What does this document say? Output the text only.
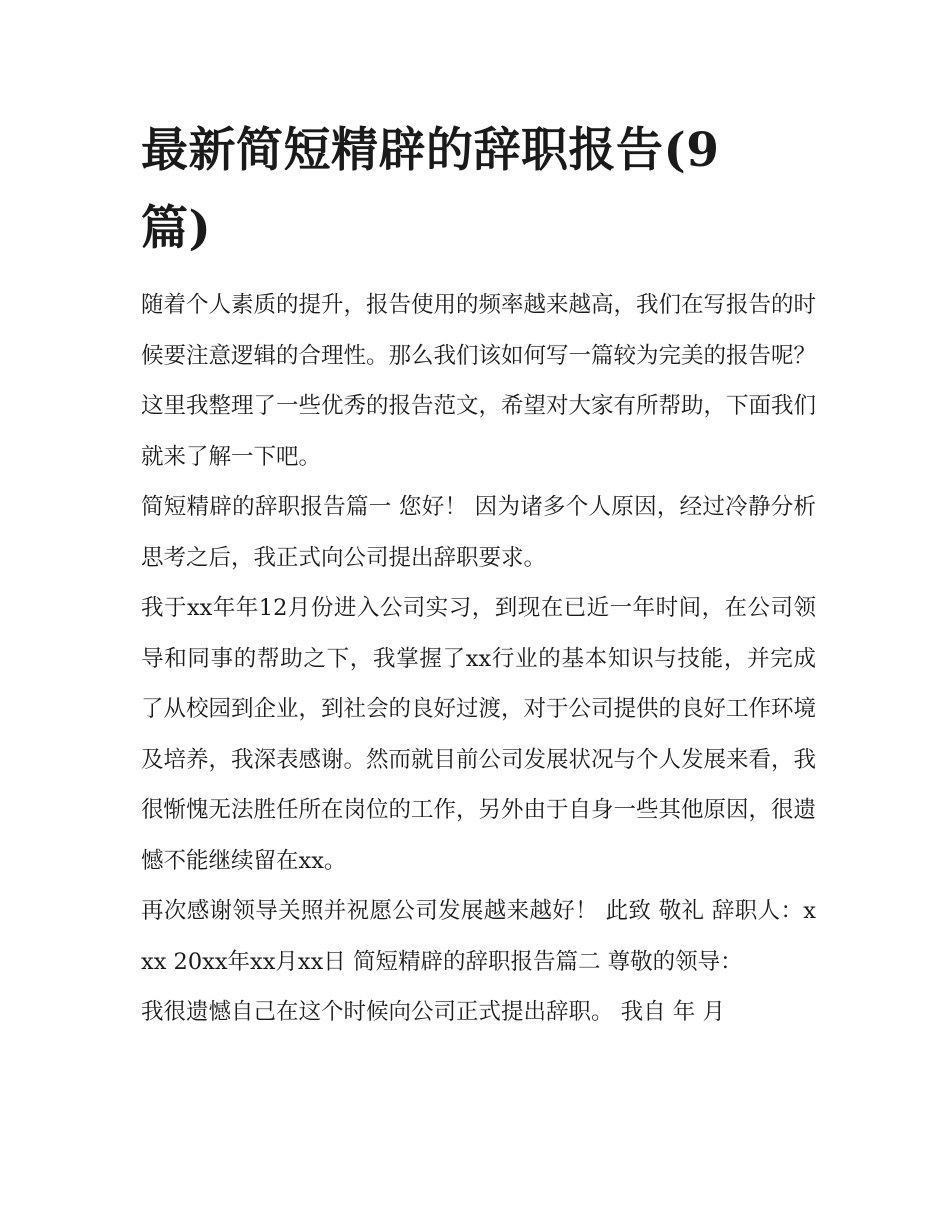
最新简短精辟的辞职报告(9篇)

随着个人素质的提升，报告使用的频率越来越高，我们在写报告的时候要注意逻辑的合理性。那么我们该如何写一篇较为完美的报告呢？这里我整理了一些优秀的报告范文，希望对大家有所帮助，下面我们就来了解一下吧。

简短精辟的辞职报告篇一 您好！ 因为诸多个人原因，经过冷静分析思考之后，我正式向公司提出辞职要求。

我于xx年年12月份进入公司实习，到现在已近一年时间，在公司领导和同事的帮助之下，我掌握了xx行业的基本知识与技能，并完成了从校园到企业，到社会的良好过渡，对于公司提供的良好工作环境及培养，我深表感谢。然而就目前公司发展状况与个人发展来看，我很惭愧无法胜任所在岗位的工作，另外由于自身一些其他原因，很遗憾不能继续留在xx。

再次感谢领导关照并祝愿公司发展越来越好！ 此致 敬礼 辞职人：xxx 20xx年xx月xx日 简短精辟的辞职报告篇二 尊敬的领导：

我很遗憾自己在这个时候向公司正式提出辞职。 我自 年 月
